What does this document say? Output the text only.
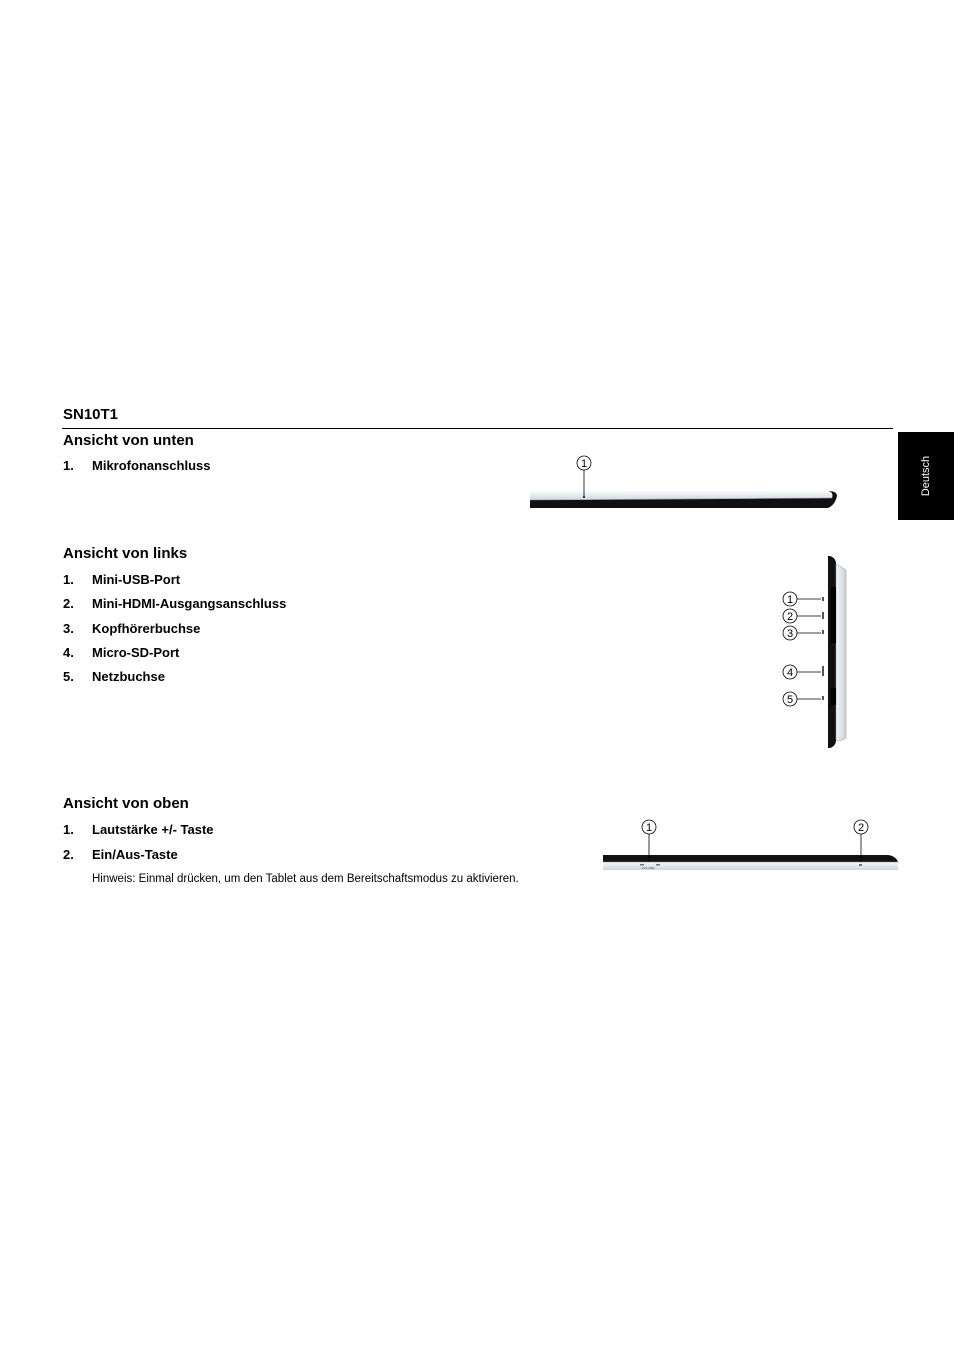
SN10T1
Deutsch
Ansicht von unten
1. Mikrofonanschluss
Ansicht von links
1. Mini-USB-Port
2. Mini-HDMI-Ausgangsanschluss
3. Kopfhörerbuchse
4. Micro-SD-Port
5. Netzbuchse
Ansicht von oben
1. Lautstärke +/- Taste
2. Ein/Aus-Taste
Hinweis: Einmal drücken, um den Tablet aus dem Bereitschaftsmodus zu aktivieren.
1
1
2
3
4
5
VOLUME
1	2
